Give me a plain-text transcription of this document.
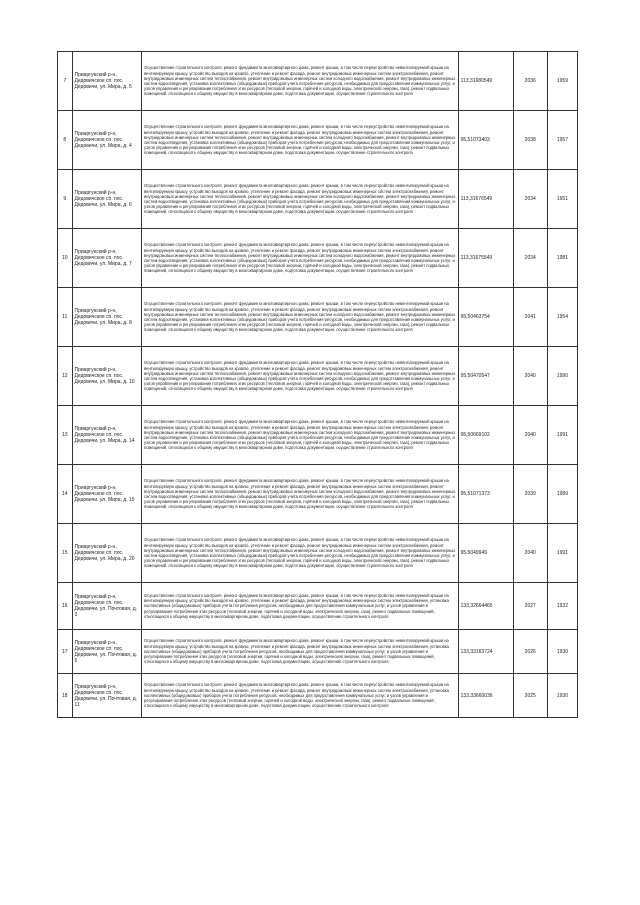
7	Приаргунский р-н, Дедовичское сп. пос. Дедовичи, ул. Мира, д. 5	Осуществление строительного контроля, ремонт фундамента многоквартирного дома, ремонт крыши, в том числе переустройство невентилируемой крыши на вентилируемую крышу, устройство выходов на кровлю, утепление и ремонт фасада, ремонт внутридомовых инженерных систем электроснабжения, ремонт внутридомовых инженерных систем теплоснабжения, ремонт внутридомовых инженерных систем холодного водоснабжения, ремонт внутридомовых инженерных систем водоотведения, установка коллективных (общедомовых) приборов учета потребления ресурсов, необходимых для предоставления коммунальных услуг, и узлов управления и регулирования потребления этих ресурсов (тепловой энергии, горячей и холодной воды, электрической энергии, газа), ремонт подвальных помещений, относящихся к общему имуществу в многоквартирном доме, подготовка документации, осуществление строительного контроля	113,31680549	2036	1959
8	Приаргунский р-н, Дедовичское сп. пос. Дедовичи, ул. Мира, д. 4	Осуществление строительного контроля, ремонт фундамента многоквартирного дома, ремонт крыши, в том числе переустройство невентилируемой крыши на вентилируемую крышу, устройство выходов на кровлю, утепление и ремонт фасада, ремонт внутридомовых инженерных систем электроснабжения, ремонт внутридомовых инженерных систем теплоснабжения, ремонт внутридомовых инженерных систем холодного водоснабжения, ремонт внутридомовых инженерных систем водоотведения, установка коллективных (общедомовых) приборов учета потребления ресурсов, необходимых для предоставления коммунальных услуг, и узлов управления и регулирования потребления этих ресурсов (тепловой энергии, горячей и холодной воды, электрической энергии, газа), ремонт подвальных помещений, относящихся к общему имуществу в многоквартирном доме, подготовка документации, осуществление строительного контроля	95,51073403	2038	1957
9	Приаргунский р-н, Дедовичское сп. пос. Дедовичи, ул. Мира, д. 6	Осуществление строительного контроля, ремонт фундамента многоквартирного дома, ремонт крыши, в том числе переустройство невентилируемой крыши на вентилируемую крышу, устройство выходов на кровлю, утепление и ремонт фасада, ремонт внутридомовых инженерных систем электроснабжения, ремонт внутридомовых инженерных систем теплоснабжения, ремонт внутридомовых инженерных систем холодного водоснабжения, ремонт внутридомовых инженерных систем водоотведения, установка коллективных (общедомовых) приборов учета потребления ресурсов, необходимых для предоставления коммунальных услуг, и узлов управления и регулирования потребления этих ресурсов (тепловой энергии, горячей и холодной воды, электрической энергии, газа), ремонт подвальных помещений, относящихся к общему имуществу в многоквартирном доме, подготовка документации, осуществление строительного контроля	113,31676549	2034	1951
10	Приаргунский р-н, Дедовичское сп. пос. Дедовичи, ул. Мира, д. 7	Осуществление строительного контроля, ремонт фундамента многоквартирного дома, ремонт крыши, в том числе переустройство невентилируемой крыши на вентилируемую крышу, устройство выходов на кровлю, утепление и ремонт фасада, ремонт внутридомовых инженерных систем электроснабжения, ремонт внутридомовых инженерных систем теплоснабжения, ремонт внутридомовых инженерных систем холодного водоснабжения, ремонт внутридомовых инженерных систем водоотведения, установка коллективных (общедомовых) приборов учета потребления ресурсов, необходимых для предоставления коммунальных услуг, и узлов управления и регулирования потребления этих ресурсов (тепловой энергии, горячей и холодной воды, электрической энергии, газа), ремонт подвальных помещений, относящихся к общему имуществу в многоквартирном доме, подготовка документации, осуществление строительного контроля	113,31675549	2034	1981
11	Приаргунский р-н, Дедовичское сп. пос. Дедовичи, ул. Мира, д. 8	Осуществление строительного контроля, ремонт фундамента многоквартирного дома, ремонт крыши, в том числе переустройство невентилируемой крыши на вентилируемую крышу, устройство выходов на кровлю, утепление и ремонт фасада, ремонт внутридомовых инженерных систем электроснабжения, ремонт внутридомовых инженерных систем теплоснабжения, ремонт внутридомовых инженерных систем холодного водоснабжения, ремонт внутридомовых инженерных систем водоотведения, установка коллективных (общедомовых) приборов учета потребления ресурсов, необходимых для предоставления коммунальных услуг, и узлов управления и регулирования потребления этих ресурсов (тепловой энергии, горячей и холодной воды, электрической энергии, газа), ремонт подвальных помещений, относящихся к общему имуществу в многоквартирном доме, подготовка документации, осуществление строительного контроля	95,50463754	2041	1954
12	Приаргунский р-н, Дедовичское сп. пос. Дедовичи, ул. Мира, д. 10	Осуществление строительного контроля, ремонт фундамента многоквартирного дома, ремонт крыши, в том числе переустройство невентилируемой крыши на вентилируемую крышу, устройство выходов на кровлю, утепление и ремонт фасада, ремонт внутридомовых инженерных систем электроснабжения, ремонт внутридомовых инженерных систем теплоснабжения, ремонт внутридомовых инженерных систем холодного водоснабжения, ремонт внутридомовых инженерных систем водоотведения, установка коллективных (общедомовых) приборов учета потребления ресурсов, необходимых для предоставления коммунальных услуг, и узлов управления и регулирования потребления этих ресурсов (тепловой энергии, горячей и холодной воды, электрической энергии, газа), ремонт подвальных помещений, относящихся к общему имуществу в многоквартирном доме, подготовка документации, осуществление строительного контроля	95,50470547	2040	1990
13	Приаргунский р-н, Дедовичское сп. пос. Дедовичи, ул. Мира, д. 14	Осуществление строительного контроля, ремонт фундамента многоквартирного дома, ремонт крыши, в том числе переустройство невентилируемой крыши на вентилируемую крышу, устройство выходов на кровлю, утепление и ремонт фасада, ремонт внутридомовых инженерных систем электроснабжения, ремонт внутридомовых инженерных систем теплоснабжения, ремонт внутридомовых инженерных систем холодного водоснабжения, ремонт внутридомовых инженерных систем водоотведения, установка коллективных (общедомовых) приборов учета потребления ресурсов, необходимых для предоставления коммунальных услуг, и узлов управления и регулирования потребления этих ресурсов (тепловой энергии, горячей и холодной воды, электрической энергии, газа), ремонт подвальных помещений, относящихся к общему имуществу в многоквартирном доме, подготовка документации, осуществление строительного контроля	95,50669102	2040	1991
14	Приаргунский р-н, Дедовичское сп. пос. Дедовичи, ул. Мира, д. 15	Осуществление строительного контроля, ремонт фундамента многоквартирного дома, ремонт крыши, в том числе переустройство невентилируемой крыши на вентилируемую крышу, устройство выходов на кровлю, утепление и ремонт фасада, ремонт внутридомовых инженерных систем электроснабжения, ремонт внутридомовых инженерных систем теплоснабжения, ремонт внутридомовых инженерных систем холодного водоснабжения, ремонт внутридомовых инженерных систем водоотведения, установка коллективных (общедомовых) приборов учета потребления ресурсов, необходимых для предоставления коммунальных услуг, и узлов управления и регулирования потребления этих ресурсов (тепловой энергии, горячей и холодной воды, электрической энергии, газа), ремонт подвальных помещений, относящихся к общему имуществу в многоквартирном доме, подготовка документации, осуществление строительного контроля	95,51071373	2039	1989
15	Приаргунский р-н, Дедовичское сп. пос. Дедовичи, ул. Мира, д. 20	Осуществление строительного контроля, ремонт фундамента многоквартирного дома, ремонт крыши, в том числе переустройство невентилируемой крыши на вентилируемую крышу, устройство выходов на кровлю, утепление и ремонт фасада, ремонт внутридомовых инженерных систем электроснабжения, ремонт внутридомовых инженерных систем теплоснабжения, ремонт внутридомовых инженерных систем холодного водоснабжения, ремонт внутридомовых инженерных систем водоотведения, установка коллективных (общедомовых) приборов учета потребления ресурсов, необходимых для предоставления коммунальных услуг, и узлов управления и регулирования потребления этих ресурсов (тепловой энергии, горячей и холодной воды, электрической энергии, газа), ремонт подвальных помещений, относящихся к общему имуществу в многоквартирном доме, подготовка документации, осуществление строительного контроля	95,5049949	2040	1991
16	Приаргунский р-н, Дедовичское сп. пос. Дедовичи, ул. Почтовая, д. 3	Осуществление строительного контроля, ремонт фундамента многоквартирного дома, ремонт крыши, в том числе переустройство невентилируемой крыши на вентилируемую крышу, устройство выходов на кровлю, утепление и ремонт фасада, ремонт внутридомовых инженерных систем электроснабжения, установка коллективных (общедомовых) приборов учета потребления ресурсов, необходимых для предоставления коммунальных услуг, и узлов управления и регулирования потребления этих ресурсов (тепловой энергии, горячей и холодной воды, электрической энергии, газа), ремонт подвальных помещений, относящихся к общему имуществу в многоквартирном доме, подготовка документации, осуществление строительного контроля	133,32664465	2027	1932
17	Приаргунский р-н, Дедовичское сп. пос. Дедовичи, ул. Почтовая, д. 5	Осуществление строительного контроля, ремонт фундамента многоквартирного дома, ремонт крыши, в том числе переустройство невентилируемой крыши на вентилируемую крышу, устройство выходов на кровлю, утепление и ремонт фасада, ремонт внутридомовых инженерных систем электроснабжения, установка коллективных (общедомовых) приборов учета потребления ресурсов, необходимых для предоставления коммунальных услуг, и узлов управления и регулирования потребления этих ресурсов (тепловой энергии, горячей и холодной воды, электрической энергии, газа), ремонт подвальных помещений, относящихся к общему имуществу в многоквартирном доме, подготовка документации, осуществление строительного контроля	133,33163724	2026	1930
18	Приаргунский р-н, Дедовичское сп. пос. Дедовичи, ул. Почтовая, д. 11	Осуществление строительного контроля, ремонт фундамента многоквартирного дома, ремонт крыши, в том числе переустройство невентилируемой крыши на вентилируемую крышу, устройство выходов на кровлю, утепление и ремонт фасада, ремонт внутридомовых инженерных систем электроснабжения, установка коллективных (общедомовых) приборов учета потребления ресурсов, необходимых для предоставления коммунальных услуг, и узлов управления и регулирования потребления этих ресурсов (тепловой энергии, горячей и холодной воды, электрической энергии, газа), ремонт подвальных помещений, относящихся к общему имуществу в многоквартирном доме, подготовка документации, осуществление строительного контроля	133,33660036	2025	1930
